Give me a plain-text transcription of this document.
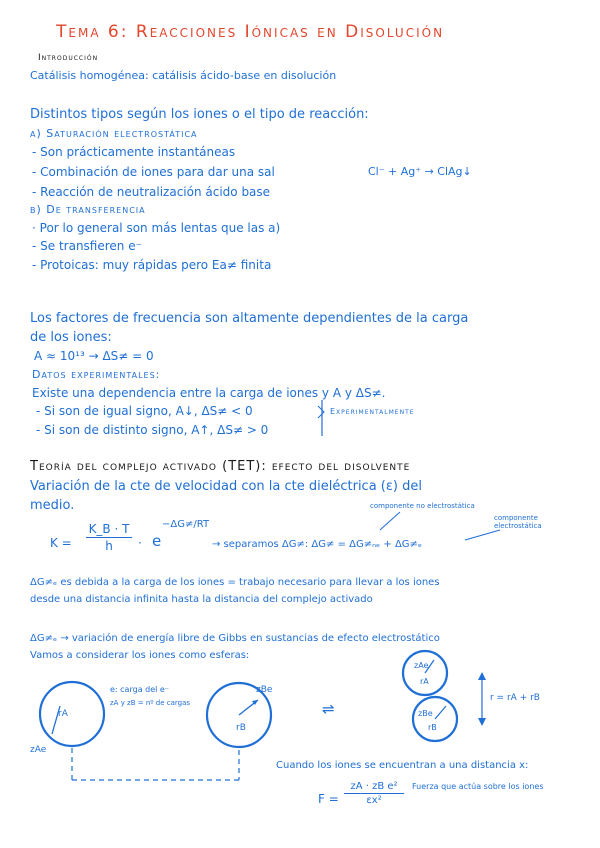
Tema 6: Reacciones Iónicas en Disolución
Introducción
Catálisis homogénea: catálisis ácido-base en disolución
Distintos tipos según los iones o el tipo de reacción:
a) Saturación electrostática
- Son prácticamente instantáneas
- Combinación de iones para dar una sal	Cl⁻ + Ag⁺ → ClAg↓
- Reacción de neutralización ácido base
b) De transferencia
· Por lo general son más lentas que las a)
- Se transfieren e⁻
- Protoicas: muy rápidas pero Ea≠ finita
Los factores de frecuencia son altamente dependientes de la carga
de los iones:
A ≈ 10¹³ → ΔS≠ = 0
Datos experimentales:
Existe una dependencia entre la carga de iones y A y ΔS≠.
- Si son de igual signo, A↓, ΔS≠ < 0
- Si son de distinto signo, A↑, ΔS≠ > 0
Experimentalmente
Teoría del complejo activado (TET): efecto del disolvente
Variación de la cte de velocidad con la cte dieléctrica (ε) del
medio.
K =
K_B · T
h	· e
−ΔG≠/RT
→ separamos ΔG≠: ΔG≠ = ΔG≠ₙₑ + ΔG≠ₑ
componente no electrostática
componente electrostática
ΔG≠ₑ es debida a la carga de los iones = trabajo necesario para llevar a los iones
desde una distancia infinita hasta la distancia del complejo activado
ΔG≠ₑ → variación de energía libre de Gibbs en sustancias de efecto electrostático
Vamos a considerar los iones como esferas:
e: carga del e⁻
zA y zB = nº de cargas
rA
zAe
rB
zBe
⇌
zAe
rA
zBe
rB
r = rA + rB
Cuando los iones se encuentran a una distancia x:
F =
zA · zB e²
εx²
Fuerza que actúa sobre los iones
